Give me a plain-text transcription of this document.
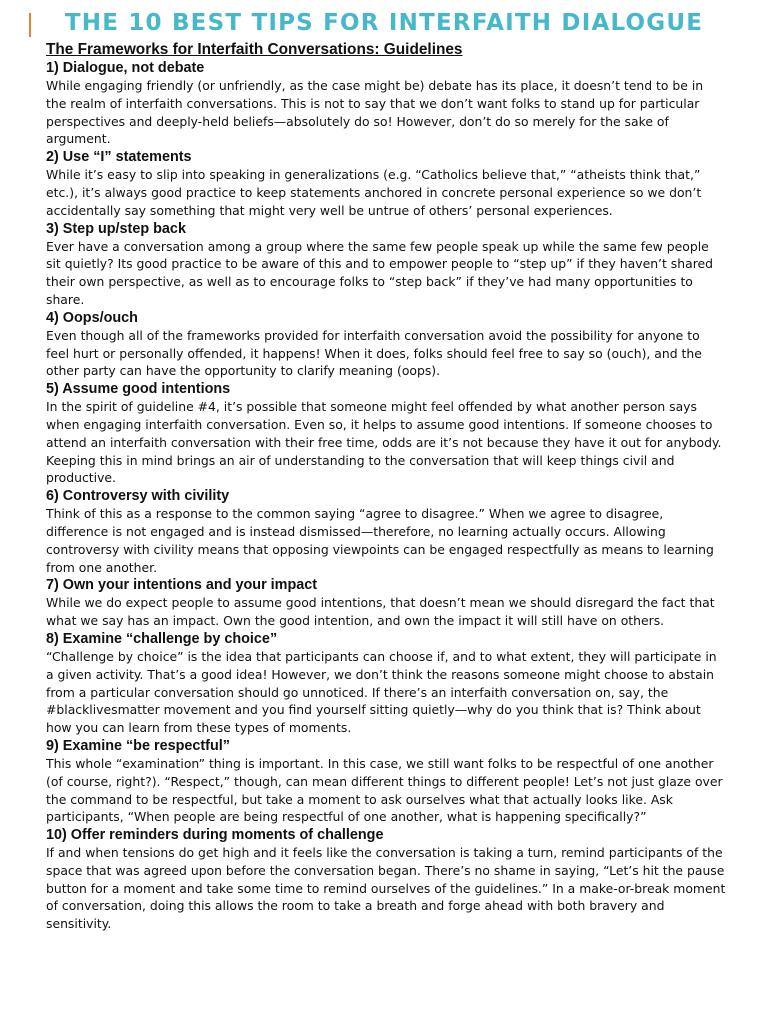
THE 10 BEST TIPS FOR INTERFAITH DIALOGUE

The Frameworks for Interfaith Conversations: Guidelines

1) Dialogue, not debate

While engaging friendly (or unfriendly, as the case might be) debate has its place, it doesn’t tend to be in the realm of interfaith conversations. This is not to say that we don’t want folks to stand up for particular perspectives and deeply-held beliefs—absolutely do so! However, don’t do so merely for the sake of argument.

2) Use “I” statements

While it’s easy to slip into speaking in generalizations (e.g. “Catholics believe that,” “atheists think that,” etc.), it’s always good practice to keep statements anchored in concrete personal experience so we don’t accidentally say something that might very well be untrue of others’ personal experiences.

3) Step up/step back

Ever have a conversation among a group where the same few people speak up while the same few people sit quietly? Its good practice to be aware of this and to empower people to “step up” if they haven’t shared their own perspective, as well as to encourage folks to “step back” if they’ve had many opportunities to share.

4) Oops/ouch

Even though all of the frameworks provided for interfaith conversation avoid the possibility for anyone to feel hurt or personally offended, it happens! When it does, folks should feel free to say so (ouch), and the other party can have the opportunity to clarify meaning (oops).

5) Assume good intentions

In the spirit of guideline #4, it’s possible that someone might feel offended by what another person says when engaging interfaith conversation. Even so, it helps to assume good intentions. If someone chooses to attend an interfaith conversation with their free time, odds are it’s not because they have it out for anybody. Keeping this in mind brings an air of understanding to the conversation that will keep things civil and productive.

6) Controversy with civility

Think of this as a response to the common saying “agree to disagree.” When we agree to disagree, difference is not engaged and is instead dismissed—therefore, no learning actually occurs. Allowing controversy with civility means that opposing viewpoints can be engaged respectfully as means to learning from one another.

7) Own your intentions and your impact

While we do expect people to assume good intentions, that doesn’t mean we should disregard the fact that what we say has an impact. Own the good intention, and own the impact it will still have on others.

8) Examine “challenge by choice”

“Challenge by choice” is the idea that participants can choose if, and to what extent, they will participate in a given activity. That’s a good idea! However, we don’t think the reasons someone might choose to abstain from a particular conversation should go unnoticed. If there’s an interfaith conversation on, say, the #blacklivesmatter movement and you find yourself sitting quietly—why do you think that is? Think about how you can learn from these types of moments.

9) Examine “be respectful”

This whole “examination” thing is important. In this case, we still want folks to be respectful of one another (of course, right?). “Respect,” though, can mean different things to different people! Let’s not just glaze over the command to be respectful, but take a moment to ask ourselves what that actually looks like. Ask participants, “When people are being respectful of one another, what is happening specifically?”

10) Offer reminders during moments of challenge

If and when tensions do get high and it feels like the conversation is taking a turn, remind participants of the space that was agreed upon before the conversation began. There’s no shame in saying, “Let’s hit the pause button for a moment and take some time to remind ourselves of the guidelines.” In a make-or-break moment of conversation, doing this allows the room to take a breath and forge ahead with both bravery and sensitivity.
